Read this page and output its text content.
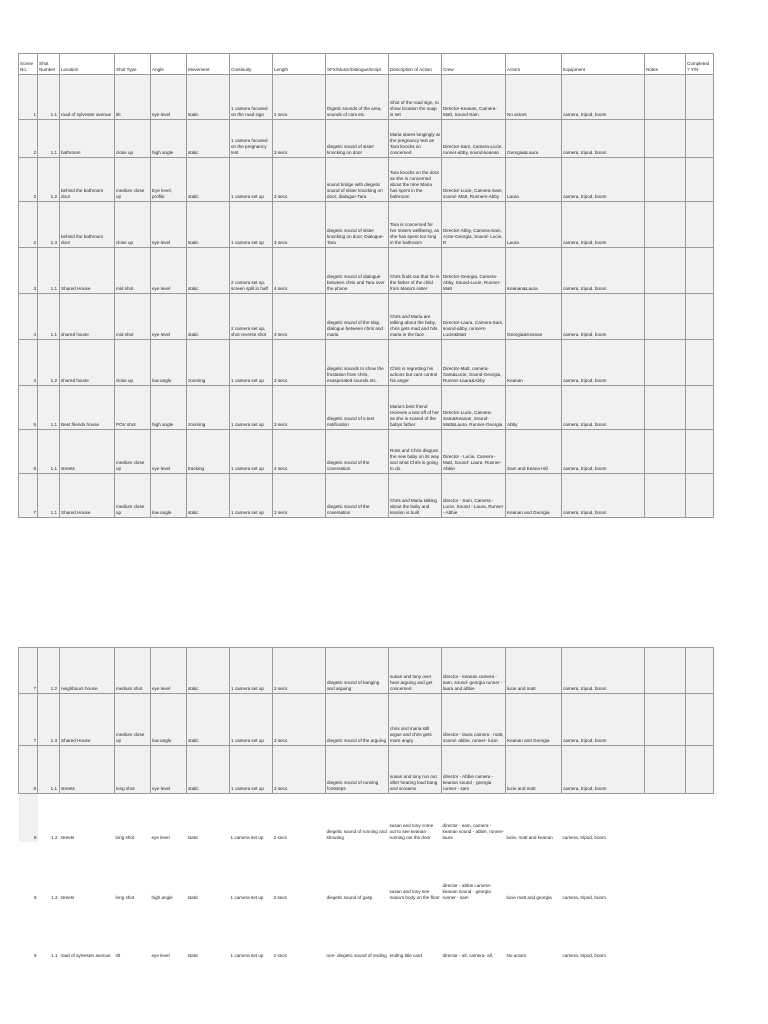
Scene No.	Shot Number	Location	Shot Type	Angle	Movement	Continuity	Length	SFX/Music/Dialogue/script	Description of Action	Crew	Actors	Equipment	Notes	Completed ? Y/N
1	1.1	road of sylvester avenue	tilt	eye level	static	1 camera focused on the road sign	2 secs	Digetic sounds of the area, sounds of cars etc.	Shot of the road sign, to show location the soap is set	Director-Keanan, Camera-Matt, Sound-Sam	No actors	camera, tripod, boom		
2	1.1	bathroom	close up	high angle	static	1 camera focused on the pregnancy test	3 secs	diegetic sound of sister knocking on door	Maria stares longingly at the pregnancy test as Tara knocks on concerned	Director-Sam, Camera-Lucie, runner-abby, sound-keanan	Georgia&Laura	camera, tripod, boom		
2	1.2	behind the bathroom door	medium close up	Eye level, profile	static	1 camera set up	2 secs	sound bridge with diegetic sound of sister knocking on door, dialogue-Tara	Tara knocks on the door as she is concerned about the time Maria has spent in the bathroom	Director-Lucie, Camera-Sam, sound- Matt, Runners-Abby	Laura	camera, tripod, boom		
2	1.3	behind the bathroom door	close up	eye level	static	1 camera set up	3 secs	diegetic sound of sister knocking on door, Dialogue-Tara	Tara is concerned for her sisters wellbeing, as she has spent too long in the bathroom	Director-Abby, Camera-Sam, Actor-Georgia, Sound- Lucie, R	Laura	camera, tripod, boom		
3	1.1	Shared House	mid shot	eye level	static	2 camera set up, screen split in half	4 secs	diegetic sound of dialogue between chris and Tara over the phone	Chris finds out that he is the father of the child from Maria's sister	Director-Georgia, Camera-Abby, Sound-Lucie, Runner-Matt	Keanan&Laura	camera, tripod, boom		
4	1.1	shared house	mid shot	eye level	static	2 camera set up, shot reverse shot	3 secs	diegetic sound of the slap, dialogue between chris and maria	Chris and Maria are talking about the baby, chris gets mad and hits maria in the face	Director-Laura, Camera-Sam, sound-abby, runners-Lucie&Matt	Georgia&Keanan	camera, tripod, boom		
4	1.2	shared house	close up	low angle	zooming	1 camera set up	2 secs	diegetic sounds to show the frustation from chris, exasperated sounds etc.	Chris is regretting his actions but cant control his anger	Director-Matt, camera-Sam&Lucie, Sound-Georgia, Runner-Laura&Abby	Keanan	camera, tripod, boom		
5	1.1	Best friends house	POV shot	high angle	zooming	1 camera set up	3 secs	diegetic sound of a text notification	Maria's best friend recieves a text off of her as she is scared of the babys father	Director-Lucie, Camera-Sam&Keanan, Sound-Matt&Laura, Runner-Georgia	Abby	camera, tripod, boom		
6	1.1	streets	medium close up	eye level	tracking	1 camera set up	4 secs	diegetic sound of the coversation	Ross and Chris disguss the new baby on its way and what Chris is going to do.	Director - Lucie, Camera - Matt, Sound- Laura, Runner- Abbie	Sam and Keana Hill	camera, tripod, boom		
7	1.1	Shared House	medium close up	low angle	static	1 camera set up	3 secs	diegetic sound of the coversation	Chris and Maria talking about the baby and tension is built	director - Sam, Camera - Lucie, Sound - Laura, Runner - Abbie	Keanan and Georgia	camera, tripod, boom		
7	1.2	neighbours house	medium shot	eye level	static	1 camera set up	2 secs	diegetic sound of banging and arguing	susan and tony over hear arguing and get concerned	director - keanan camera - sam, sound- georgia runner - laura and abbie	lucie and matt	camera, tripod, boom		
7	1.3	Shared House	medium close up	low angle	static	1 camera set up	2 secs	diegetic sound of the arguing	chris and maria still argue and chris gets more angry	director - laura camera - matt, sound- abbie, runner- lucie	Keanan and Georgia	camera, tripod, boom		
8	1.1	streets	long shot	eye level	static	1 camera set up	2 secs	diegetic sound of running footsteps	susan and tony run out after hearing loud bang and screams	director - Abbie camera - keanan sound - georgia runner - sam	lucie and matt	camera, tripod, boom		
8	1.2	streets	long shot	eye level	static	1 camera set up	2 secs	diegetic sound of running and shouting	susan and tony come out to see keanan running out the door	director - sam, camera - keanan sound - abbie, runner- laura	lucie, matt and keanan	camera, tripod, boom		
8	1.3	streets	long shot	high angle	static	1 camera set up	3 secs	diegetic sound of gasp	susan and tony see maria's body on the floor	director - abbie camera-keanan sound - georgia runner - sam	lucie matt and georgia	camera, tripod, boom		
9	1.1	road of sylvester avenue	tilt	eye level	static	1 camera set up	2 secs	non- diegetic sound of ending	ending title card	director - all, camera- all,	No actors	camera, tripod, boom		
